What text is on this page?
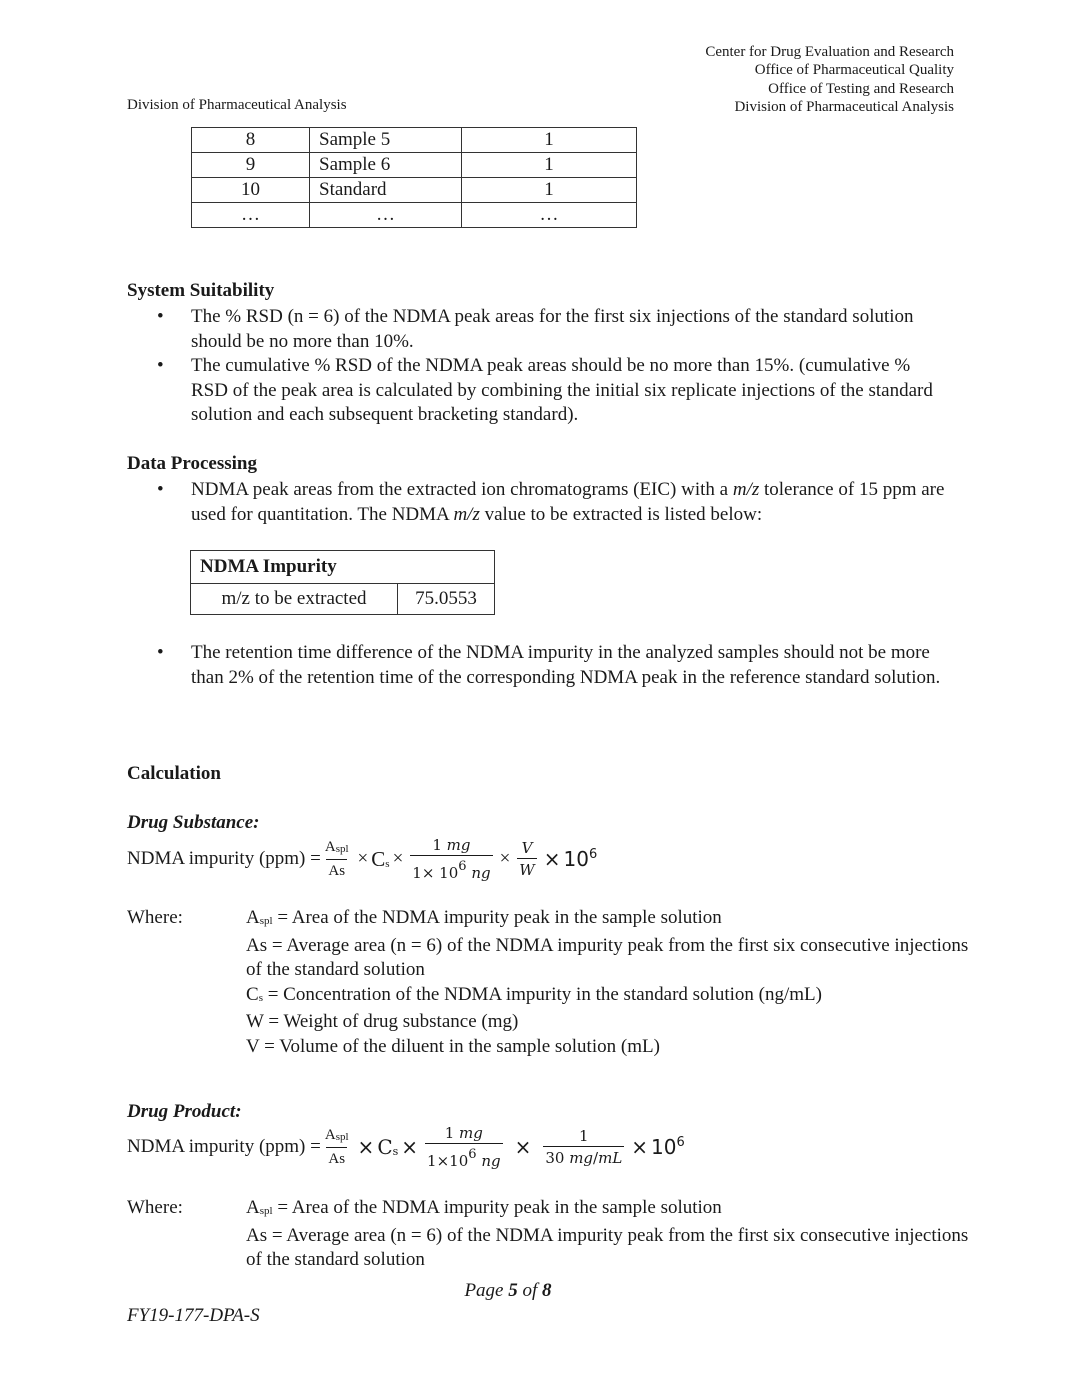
Center for Drug Evaluation and Research
Office of Pharmaceutical Quality
Office of Testing and Research
Division of Pharmaceutical Analysis
Division of Pharmaceutical Analysis
8	Sample 5	1
9	Sample 6	1
10	Standard	1
…	…	…
System Suitability
• The % RSD (n = 6) of the NDMA peak areas for the first six injections of the standard solution should be no more than 10%.
• The cumulative % RSD of the NDMA peak areas should be no more than 15%. (cumulative % RSD of the peak area is calculated by combining the initial six replicate injections of the standard solution and each subsequent bracketing standard).
Data Processing
• NDMA peak areas from the extracted ion chromatograms (EIC) with a m/z tolerance of 15 ppm are used for quantitation. The NDMA m/z value to be extracted is listed below:
NDMA Impurity
m/z to be extracted	75.0553
• The retention time difference of the NDMA impurity in the analyzed samples should not be more than 2% of the retention time of the corresponding NDMA peak in the reference standard solution.
Calculation
Drug Substance:
NDMA impurity $(ppm) = \frac{A_{spl}}{As} \times C_s \times \frac{1 mg}{1\times 10^6 ng} \times \frac{V}{W} \times 10^6$
Where:	$A_{spl}$ = Area of the NDMA impurity peak in the sample solution
As = Average area (n = 6) of the NDMA impurity peak from the first six consecutive injections of the standard solution
$C_s$ = Concentration of the NDMA impurity in the standard solution (ng/mL)
W = Weight of drug substance (mg)
V = Volume of the diluent in the sample solution (mL)
Drug Product:
NDMA impurity $(ppm) = \frac{A_{spl}}{As} \times C_s \times \frac{1 mg}{1\times 10^6 ng} \times \frac{1}{30 mg/mL} \times 10^6$
Where:	$A_{spl}$ = Area of the NDMA impurity peak in the sample solution
As = Average area (n = 6) of the NDMA impurity peak from the first six consecutive injections of the standard solution
Page 5 of 8
FY19-177-DPA-S
